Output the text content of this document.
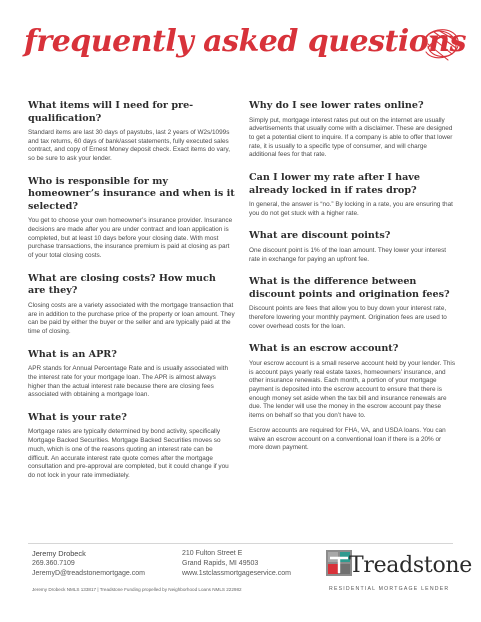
frequently asked questions
What items will I need for pre-qualification?
Standard items are last 30 days of paystubs, last 2 years of W2s/1099s and tax returns, 60 days of bank/asset statements, fully executed sales contract, and copy of Ernest Money deposit check. Exact items do vary, so be sure to ask your lender.
Who is responsible for my homeowner’s insurance and when is it selected?
You get to choose your own homeowner’s insurance provider. Insurance decisions are made after you are under contract and loan application is completed, but at least 10 days before your closing date. With most purchase transactions, the insurance premium is paid at closing as part of your total closing costs.
What are closing costs? How much are they?
Closing costs are a variety associated with the mortgage transaction that are in addition to the purchase price of the property or loan amount. They can be paid by either the buyer or the seller and are typically paid at the time of closing.
What is an APR?
APR stands for Annual Percentage Rate and is usually associated with the interest rate for your mortgage loan. The APR is almost always higher than the actual interest rate because there are closing fees associated with obtaining a mortgage loan.
What is your rate?
Mortgage rates are typically determined by bond activity, specifically Mortgage Backed Securities. Mortgage Backed Securities moves so much, which is one of the reasons quoting an interest rate can be difficult. An accurate interest rate quote comes after the mortgage consultation and pre-approval are completed, but it could change if you do not lock in your rate immediately.
Why do I see lower rates online?
Simply put, mortgage interest rates put out on the internet are usually advertisements that usually come with a disclaimer. These are designed to get a potential client to inquire. If a company is able to offer that lower rate, it is usually to a specific type of consumer, and will charge additional fees for that rate.
Can I lower my rate after I have already locked in if rates drop?
In general, the answer is “no.” By locking in a rate, you are ensuring that you do not get stuck with a higher rate.
What are discount points?
One discount point is 1% of the loan amount. They lower your interest rate in exchange for paying an upfront fee.
What is the difference between discount points and origination fees?
Discount points are fees that allow you to buy down your interest rate, therefore lowering your monthly payment. Origination fees are used to cover overhead costs for the loan.
What is an escrow account?
Your escrow account is a small reserve account held by your lender. This is account pays yearly real estate taxes, homeowners’ insurance, and other insurance renewals. Each month, a portion of your mortgage payment is deposited into the escrow account to ensure that there is enough money set aside when the tax bill and insurance renewals are due. The lender will use the money in the escrow account pay these items on behalf so that you don’t have to.
Escrow accounts are required for FHA, VA, and USDA loans. You can waive an escrow account on a conventional loan if there is a 20% or more down payment.
Jeremy Drobeck
269.360.7109
JeremyD@treadstonemortgage.com
210 Fulton Street E
Grand Rapids, MI 49503
www.1stclassmortgageservice.com
Jeremy Drobeck NMLS 133817 | Treadstone Funding propelled by Neighborhood Loans NMLS 222982
Treadstone
RESIDENTIAL MORTGAGE LENDER
